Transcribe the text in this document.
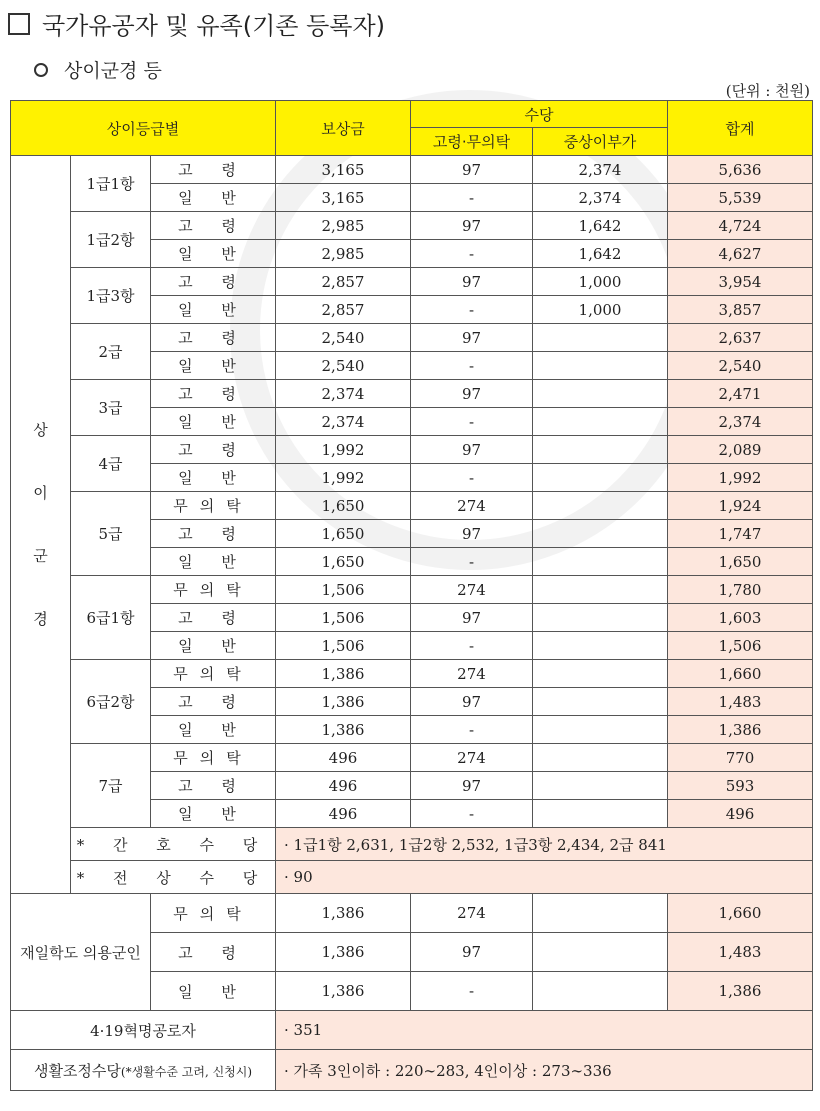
국가유공자 및 유족(기존 등록자)
상이군경 등
(단위 : 천원)
상이등급별			보상금	수당		합계
				고령·무의탁	중상이부가	

상
이
군
경	1급1항	고 령	3,165	97	2,374	5,636
		일 반	3,165	-	2,374	5,539
	1급2항	고 령	2,985	97	1,642	4,724
		일 반	2,985	-	1,642	4,627
	1급3항	고 령	2,857	97	1,000	3,954
		일 반	2,857	-	1,000	3,857
	2급	고 령	2,540	97		2,637
		일 반	2,540	-		2,540
	3급	고 령	2,374	97		2,471
		일 반	2,374	-		2,374
	4급	고 령	1,992	97		2,089
		일 반	1,992	-		1,992
	5급	무의탁	1,650	274		1,924
		고 령	1,650	97		1,747
		일 반	1,650	-		1,650
	6급1항	무의탁	1,506	274		1,780
		고 령	1,506	97		1,603
		일 반	1,506	-		1,506
	6급2항	무의탁	1,386	274		1,660
		고 령	1,386	97		1,483
		일 반	1,386	-		1,386
	7급	무의탁	496	274		770
		고 령	496	97		593
		일 반	496	-		496
	* 간 호 수 당		· 1급1항 2,631, 1급2항 2,532, 1급3항 2,434, 2급 841			
	* 전 상 수 당		· 90			
재일학도 의용군인		무의탁	1,386	274		1,660
		고 령	1,386	97		1,483
		일 반	1,386	-		1,386
4·19혁명공로자			· 351			
생활조정수당(*생활수준 고려, 신청시)			· 가족 3인이하 : 220∼283, 4인이상 : 273∼336			
